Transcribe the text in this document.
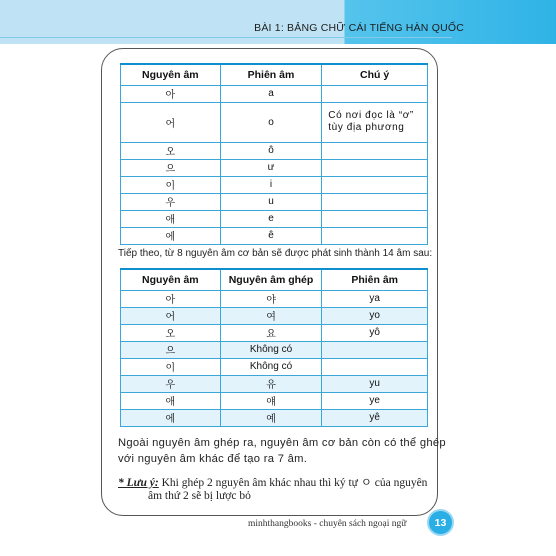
BÀI 1: BẢNG CHỮ CÁI TIẾNG HÀN QUỐC
Nguyên âm	Phiên âm	Chú ý
아	a	
어	o	Có nơi đọc là “ơ” tùy địa phương
오	ô	
으	ư	
이	i	
우	u	
애	e	
에	ê	
Tiếp theo, từ 8 nguyên âm cơ bản sẽ được phát sinh thành 14 âm sau:
Nguyên âm	Nguyên âm ghép	Phiên âm
아	야	ya
어	여	yo
오	요	yô
으	Không có	
이	Không có	
우	유	yu
애	얘	ye
에	예	yê
Ngoài nguyên âm ghép ra, nguyên âm cơ bản còn có thể ghép
với nguyên âm khác để tạo ra 7 âm.
* Lưu ý: Khi ghép 2 nguyên âm khác nhau thì ký tự ㅇ của nguyên
âm thứ 2 sẽ bị lược bỏ
minhthangbooks - chuyên sách ngoại ngữ	13
